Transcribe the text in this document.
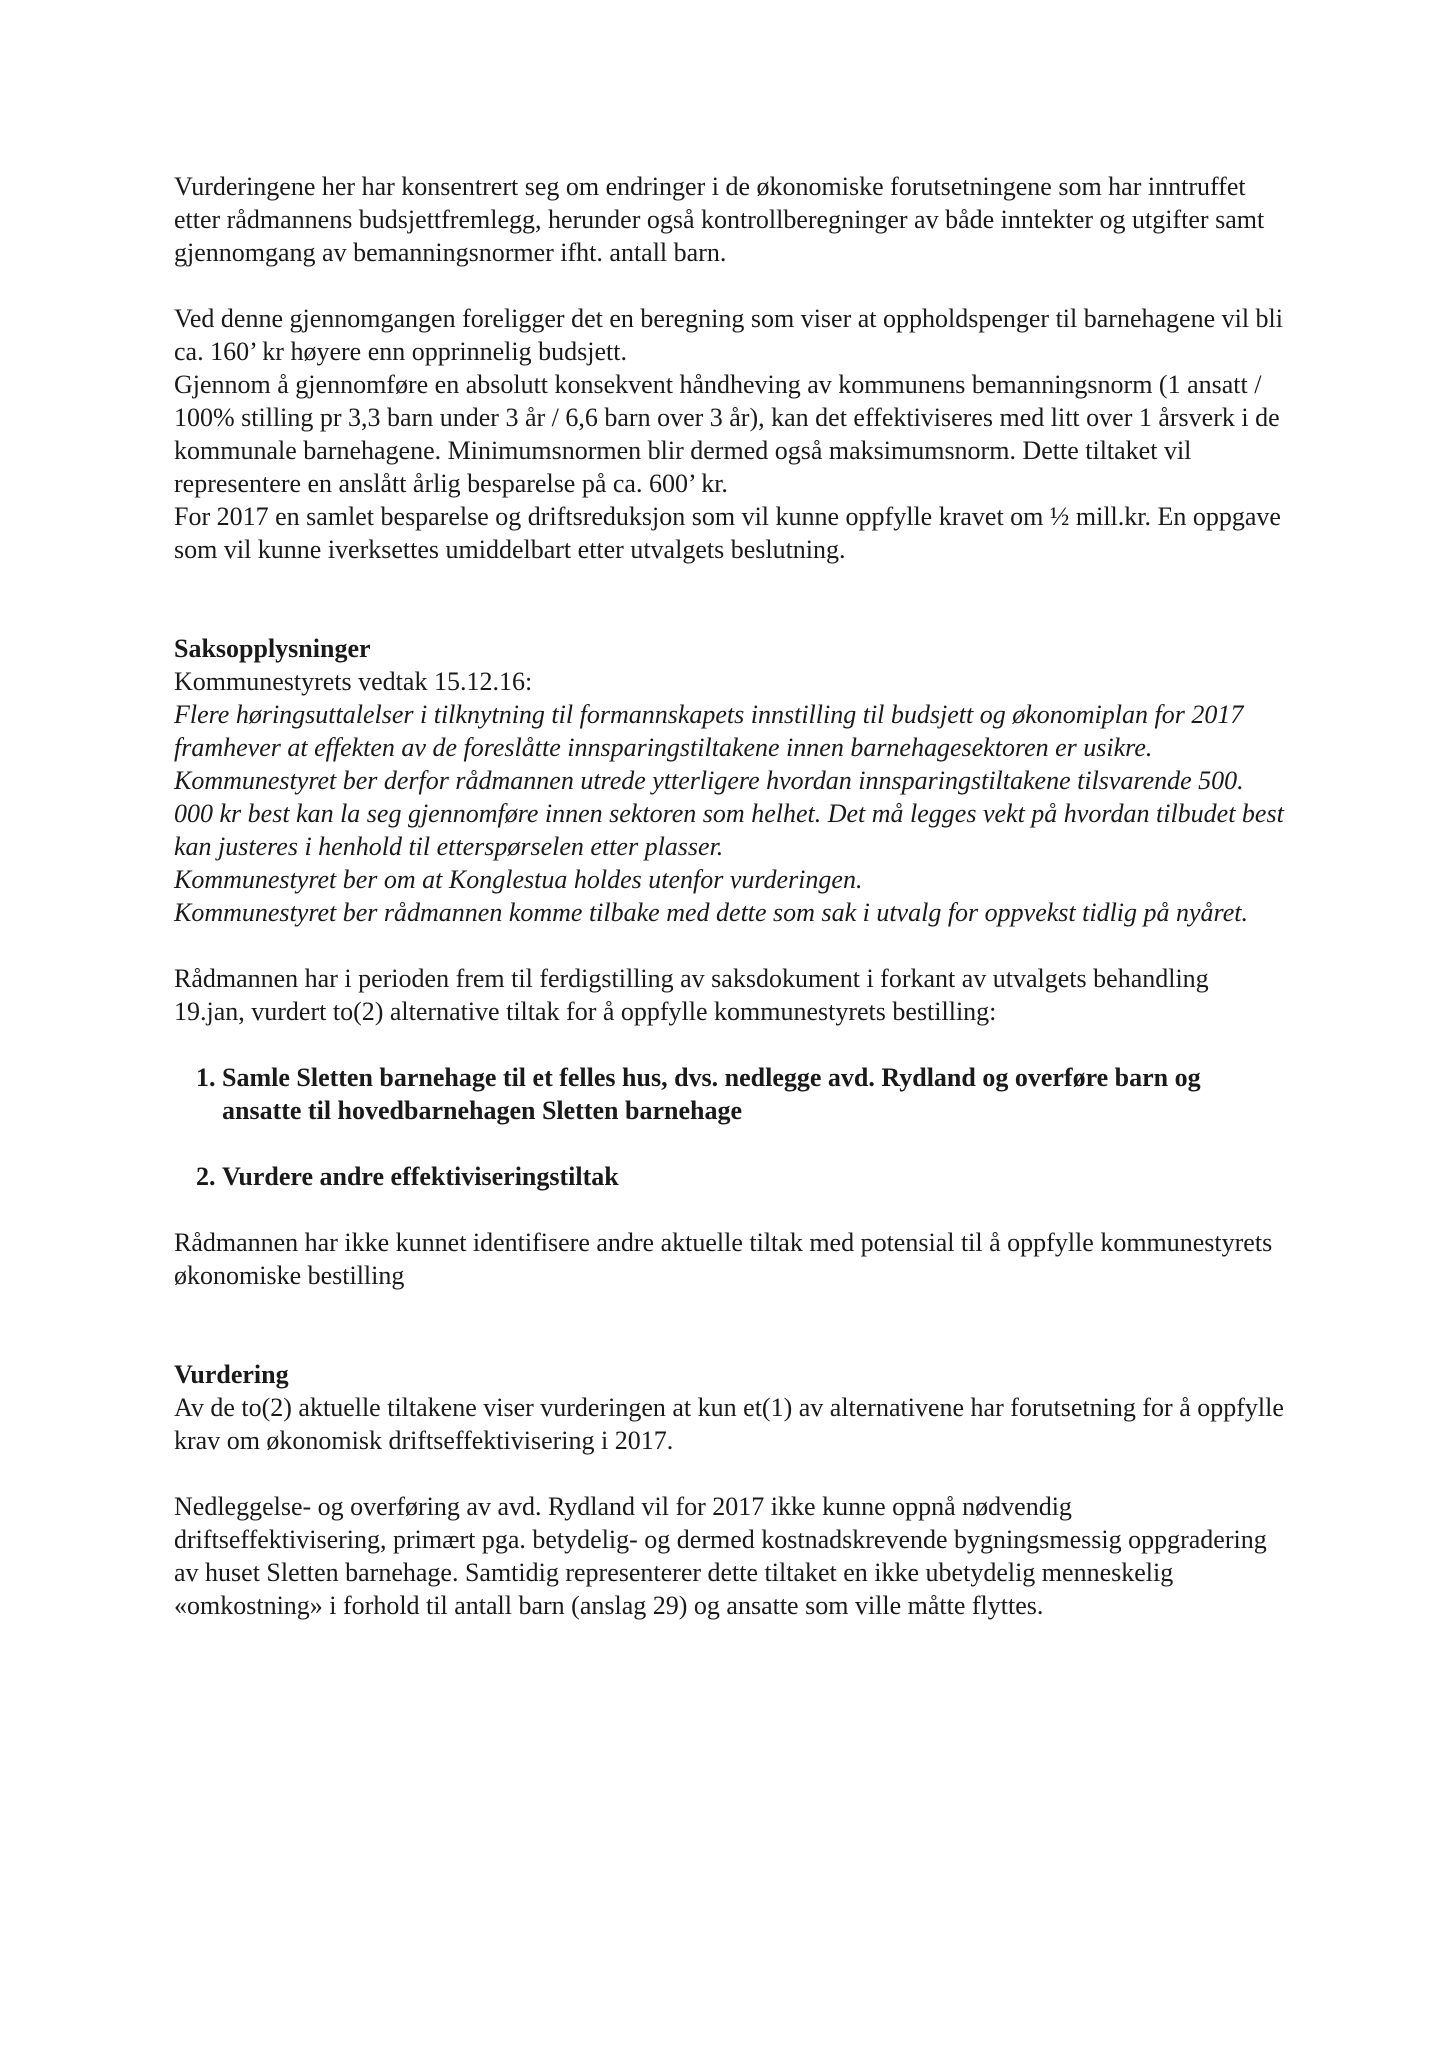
Vurderingene her har konsentrert seg om endringer i de økonomiske forutsetningene som har inntruffet etter rådmannens budsjettfremlegg, herunder også kontrollberegninger av både inntekter og utgifter samt gjennomgang av bemanningsnormer ifht. antall barn.

Ved denne gjennomgangen foreligger det en beregning som viser at oppholdspenger til barnehagene vil bli ca. 160’ kr høyere enn opprinnelig budsjett.

Gjennom å gjennomføre en absolutt konsekvent håndheving av kommunens bemanningsnorm (1 ansatt / 100% stilling pr 3,3 barn under 3 år / 6,6 barn over 3 år), kan det effektiviseres med litt over 1 årsverk i de kommunale barnehagene. Minimumsnormen blir dermed også maksimumsnorm. Dette tiltaket vil representere en anslått årlig besparelse på ca. 600’ kr.

For 2017 en samlet besparelse og driftsreduksjon som vil kunne oppfylle kravet om ½ mill.kr. En oppgave som vil kunne iverksettes umiddelbart etter utvalgets beslutning.

Saksopplysninger

Kommunestyrets vedtak 15.12.16:

Flere høringsuttalelser i tilknytning til formannskapets innstilling til budsjett og økonomiplan for 2017 framhever at effekten av de foreslåtte innsparingstiltakene innen barnehagesektoren er usikre.

Kommunestyret ber derfor rådmannen utrede ytterligere hvordan innsparingstiltakene tilsvarende 500. 000 kr best kan la seg gjennomføre innen sektoren som helhet. Det må legges vekt på hvordan tilbudet best kan justeres i henhold til etterspørselen etter plasser.

Kommunestyret ber om at Konglestua holdes utenfor vurderingen.

Kommunestyret ber rådmannen komme tilbake med dette som sak i utvalg for oppvekst tidlig på nyåret.

Rådmannen har i perioden frem til ferdigstilling av saksdokument i forkant av utvalgets behandling 19.jan, vurdert to(2) alternative tiltak for å oppfylle kommunestyrets bestilling:

1. Samle Sletten barnehage til et felles hus, dvs. nedlegge avd. Rydland og overføre barn og ansatte til hovedbarnehagen Sletten barnehage
2. Vurdere andre effektiviseringstiltak

Rådmannen har ikke kunnet identifisere andre aktuelle tiltak med potensial til å oppfylle kommunestyrets økonomiske bestilling

Vurdering

Av de to(2) aktuelle tiltakene viser vurderingen at kun et(1) av alternativene har forutsetning for å oppfylle krav om økonomisk driftseffektivisering i 2017.

Nedleggelse- og overføring av avd. Rydland vil for 2017 ikke kunne oppnå nødvendig driftseffektivisering, primært pga. betydelig- og dermed kostnadskrevende bygningsmessig oppgradering av huset Sletten barnehage. Samtidig representerer dette tiltaket en ikke ubetydelig menneskelig «omkostning» i forhold til antall barn (anslag 29) og ansatte som ville måtte flyttes.
